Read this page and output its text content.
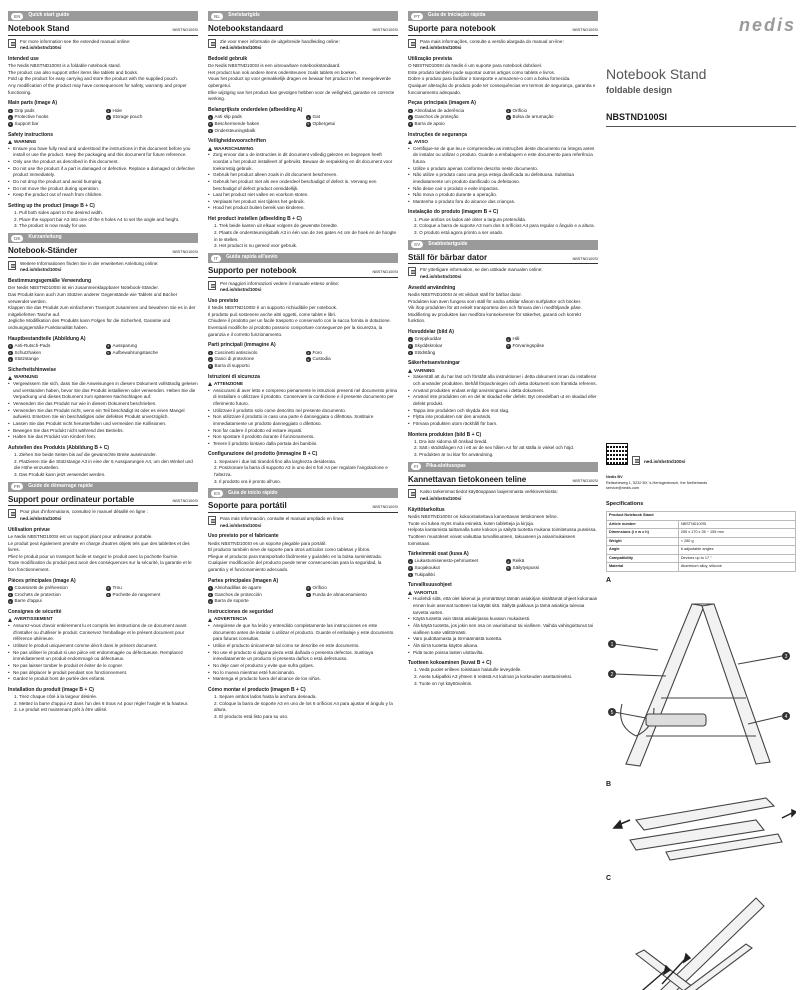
EN	Quick start guide
Notebook Stand	NBSTND100SI
For more information see the extended manual online:
ned.is/nbstnd100si
Intended use
The Nedis NBSTND100SI is a foldable notebook stand.
The product can also support other items like tablets and books.
Fold up the product for easy carrying and store the product with the supplied pouch.
Any modification of the product may have consequences for safety, warranty and proper functioning.
Main parts (image A)
1 Grip pads	4 Hole
2 Protective hooks	5 Storage pouch
3 Support bar
Safety instructions
WARNING
• Ensure you have fully read and understood the instructions in this document before you install or use the product. Keep the packaging and this document for future reference.
• Only use the product as described in this document.
• Do not use the product if a part is damaged or defective. Replace a damaged or defective product immediately.
• Do not drop the product and avoid bumping.
• Do not move the product during operation.
• Keep the product out of reach from children.
Setting up the product (image B + C)
1. Pull both sides apart to the desired width.
2. Place the support bar A3 into one of the 6 holes A4 to set the angle and height.
3. The product is now ready for use.
DE	Kurzanleitung
Notebook-Ständer	NBSTND100SI
Weitere Informationen finden Sie in der erweiterten Anleitung online:
ned.is/nbstnd100si
Bestimmungsgemäße Verwendung
Der Nedis NBSTND100SI ist ein zusammenklappbarer Notebook-Ständer.
Das Produkt kann auch zum Stützen anderer Gegenstände wie Tablets und Bücher verwendet werden.
Klappen Sie das Produkt zum einfacheren Transport zusammen und bewahren Sie es in der mitgelieferten Tasche auf.
Jegliche Modifikation des Produkts kann Folgen für die Sicherheit, Garantie und ordnungsgemäße Funktionalität haben.
Hauptbestandteile (Abbildung A)
1 Anti-Rutsch-Pads	4 Aussparung
2 Schutzhaken	5 Aufbewahrungstasche
3 Stützstange
Sicherheitshinweise
WARNUNG
• Vergewissern Sie sich, dass Sie die Anweisungen in diesem Dokument vollständig gelesen und verstanden haben, bevor Sie das Produkt installieren oder verwenden. Heben Sie die Verpackung und dieses Dokument zum späteren Nachschlagen auf.
• Verwenden Sie das Produkt nur wie in diesem Dokument beschrieben.
• Verwenden Sie das Produkt nicht, wenn ein Teil beschädigt ist oder es einen Mangel aufweist. Ersetzen Sie ein beschädigtes oder defektes Produkt unverzüglich.
• Lassen Sie das Produkt nicht herunterfallen und vermeiden Sie Kollisionen.
• Bewegen Sie das Produkt nicht während des Betriebs.
• Halten Sie das Produkt von Kindern fern.
Aufstellen des Produkts (Abbildung B + C)
1. Ziehen Sie beide Seiten bis auf die gewünschte Breite auseinander.
2. Platzieren Sie die Stützstange A3 in eine der 6 Aussparungen A4, um den Winkel und die Höhe einzustellen.
3. Das Produkt kann jetzt verwendet werden.
FR	Guide de démarrage rapide
Support pour ordinateur portable	NBSTND100SI
Pour plus d'informations, consultez le manuel détaillé en ligne :
ned.is/nbstnd100si
Utilisation prévue
Le Nedis NBSTND100SI est un support pliant pour ordinateur portable.
Le produit peut également prendre en charge d'autres objets tels que des tablettes et des livres.
Pliez le produit pour un transport facile et rangez le produit avec la pochette fournie.
Toute modification du produit peut avoir des conséquences sur la sécurité, la garantie et le bon fonctionnement.
Pièces principales (image A)
1 Coussinets de préhension	4 Trou
2 Crochets de protection	5 Pochette de rangement
3 Barre d'appui
Consignes de sécurité
AVERTISSEMENT
• Assurez-vous d'avoir entièrement lu et compris les instructions de ce document avant d'installer ou d'utiliser le produit. Conservez l'emballage et le présent document pour référence ultérieure.
• Utilisez le produit uniquement comme décrit dans le présent document.
• Ne pas utiliser le produit si une pièce est endommagée ou défectueuse. Remplacez immédiatement un produit endommagé ou défectueux.
• Ne pas laisser tomber le produit et éviter de le cogner.
• Ne pas déplacer le produit pendant son fonctionnement.
• Gardez le produit hors de portée des enfants.
Installation du produit (image B + C)
1. Tirez chaque côté à la largeur désirée.
2. Mettez la barre d'appui A3 dans l'un des 6 trous A4 pour régler l'angle et la hauteur.
3. Le produit est maintenant prêt à être utilisé.
NL	Snelstartgids
Notebookstandaard	NBSTND100SI
Zie voor meer informatie de uitgebreide handleiding online:
ned.is/nbstnd100si
Bedoeld gebruik
De Nedis NBSTND100SI is een uitvouwbare notebookstandaard.
Het product kan ook andere items ondersteunen zoals tablets en boeken.
Vouw het product op voor gemakkelijk dragen en bewaar het product in het meegeleverde opbergetui.
Elke wijziging van het product kan gevolgen hebben voor de veiligheid, garantie en correcte werking.
Belangrijkste onderdelen (afbeelding A)
1 Anti slip pads	4 Gat
2 Beschermende haken	5 Opbergetui
3 Ondersteuningsbalk
Veiligheidsvoorschriften
WAARSCHUWING
• Zorg ervoor dat u de instructies in dit document volledig gelezen en begrepen heeft voordat u het product installeert of gebruikt. Bewaar de verpakking en dit document voor toekomstig gebruik.
• Gebruik het product alleen zoals in dit document beschreven.
• Gebruik het product niet als een onderdeel beschadigd of defect is. Vervang een beschadigd of defect product onmiddellijk.
• Laat het product niet vallen en voorkom stoten.
• Verplaats het product niet tijdens het gebruik.
• Houd het product buiten bereik van kinderen.
Het product instellen (afbeelding B + C)
1. Trek beide kanten uit elkaar volgens de gewenste breedte.
2. Plaats de ondersteuningsbalk A3 in één van de zes gaten A4 om de hoek en de hoogte in te stellen.
3. Het product is nu gereed voor gebruik.
IT	Guida rapida all'avvio
Supporto per notebook	NBSTND100SI
Per maggiori informazioni vedere il manuale esteso online:
ned.is/nbstnd100si
Uso previsto
Il Nedis NBSTND100SI è un supporto richiudibile per notebook.
Il prodotto può sostenere anche altri oggetti, come tablet e libri.
Chiudere il prodotto per un facile trasporto e conservarlo con la sacca fornita in dotazione.
Eventuali modifiche al prodotto possono comportare conseguenze per la sicurezza, la garanzia e il corretto funzionamento.
Parti principali (immagine A)
1 Cuscinetti antiscivolo	4 Foro
2 Ganci di protezione	5 Custodia
3 Barra di supporto
Istruzioni di sicurezza
ATTENZIONE
• Assicurarsi di aver letto e compreso pienamente le istruzioni presenti nel documento prima di installare o utilizzare il prodotto. Conservare la confezione e il presente documento per riferimento futuro.
• Utilizzare il prodotto solo come descritto nel presente documento.
• Non utilizzare il prodotto in caso una parte è danneggiata o difettosa. Sostituire immediatamente un prodotto danneggiato o difettoso.
• Non far cadere il prodotto ed evitare impatti.
• Non spostare il prodotto durante il funzionamento.
• Tenere il prodotto lontano dalla portata dei bambini.
Configurazione del prodotto (immagine B + C)
1. Separare i due lati tirandoli fino alla larghezza desiderata.
2. Posizionare la barra di supporto A3 in uno dei 6 fori A4 per regolare l'angolazione e l'altezza.
3. Il prodotto ora è pronto all'uso.
ES	Guía de inicio rápido
Soporte para portátil	NBSTND100SI
Para más información, consulte el manual ampliado en línea:
ned.is/nbstnd100si
Uso previsto por el fabricante
Nedis NBSTND100SI es un soporte plegable para portátil.
El producto también sirve de soporte para otros artículos como tabletas y libros.
Pliegue el producto para transportarlo fácilmente y guárdelo en la bolsa suministrada.
Cualquier modificación del producto puede tener consecuencias para la seguridad, la garantía y el funcionamiento adecuado.
Partes principales (imagen A)
1 Almohadillas de agarre	4 Orificio
2 Ganchos de protección	5 Funda de almacenamiento
3 Barra de soporte
Instrucciones de seguridad
ADVERTENCIA
• Asegúrese de que ha leído y entendido completamente las instrucciones en este documento antes de instalar o utilizar el producto. Guarde el embalaje y este documento para futuras consultas.
• Utilice el producto únicamente tal como se describe en este documento.
• No use el producto si alguna pieza está dañada o presenta defectos. Sustituya inmediatamente un producto si presenta daños o está defectuoso.
• No deje caer el producto y evite que sufra golpes.
• No lo mueva mientras esté funcionando.
• Mantenga el producto fuera del alcance de los niños.
Cómo montar el producto (imagen B + C)
1. Separe ambos lados hasta la anchura deseada.
2. Coloque la barra de soporte A3 en uno de los 6 orificios A4 para ajustar el ángulo y la altura.
3. El producto está listo para su uso.
PT	Guia de iniciação rápida
Suporte para notebook	NBSTND100SI
Para mais informações, consulte a versão alargada do manual on-line:
ned.is/nbstnd100si
Utilização prevista
O NBSTND100SI da Nedis é um suporte para notebook dobrável.
Este produto também pode suportar outros artigos como tablets e livros.
Dobre o produto para facilitar o transporte e armazene-o com a bolsa fornecida.
Qualquer alteração do produto pode ter consequências em termos de segurança, garantia e funcionamento adequado.
Peças principais (imagem A)
1 Almofadas de aderência	4 Orifício
2 Ganchos de proteção	5 Bolsa de arrumação
3 Barra de apoio
Instruções de segurança
AVISO
• Certifique-se de que leu e compreendeu as instruções deste documento na íntegra antes de instalar ou utilizar o produto. Guarde a embalagem e este documento para referência futura.
• Utilize o produto apenas conforme descrito neste documento.
• Não utilize o produto caso uma peça esteja danificada ou defeituosa. Substitua imediatamente um produto danificado ou defeituoso.
• Não deixe cair o produto e evite impactos.
• Não mova o produto durante a operação.
• Mantenha o produto fora do alcance das crianças.
Instalação do produto (imagem B + C)
1. Puxe ambos os lados até obter a largura pretendida.
2. Coloque a barra de suporte A3 num dos 6 orifícios A4 para regular o ângulo e a altura.
3. O produto está agora pronto a ser usado.
SV	Snabbstartguide
Ställ för bärbar dator	NBSTND100SI
För ytterligare information, se den utökade manualen online:
ned.is/nbstnd100si
Avsedd användning
Nedis NBSTND100SI är ett vikbart ställ för bärbar dator.
Produkten kan även fungera som ställ för andra artiklar såsom surfplattor och böcker.
Vik ihop produkten för att enkelt transportera den och förvara den i medföljande påse.
Modifiering av produkten kan medföra konsekvenser för säkerhet, garanti och korrekt funktion.
Huvuddelar (bild A)
1 Greppkuddar	4 Hål
2 Skyddskrokar	5 Förvaringspåse
3 Stödstång
Säkerhetsanvisningar
VARNING
• Säkerställ att du har läst och förstått alla instruktioner i detta dokument innan du installerar och använder produkten. Behåll förpackningen och detta dokument som framtida referens.
• Använd produkten endast enligt anvisningarna i detta dokument.
• Använd inte produkten om en del är skadad eller defekt. Byt omedelbart ut en skadad eller defekt produkt.
• Tappa inte produkten och skydda den mot slag.
• Flytta inte produkten när den används.
• Förvara produkten utom räckhåll för barn.
Montera produkten (bild B + C)
1. Dra isär sidorna till önskad bredd.
2. Sätt i stödstången A3 i ett av de sex hålen A4 för att ställa in vinkel och höjd.
3. Produkten är nu klar för användning.
FI	Pika-aloitusopas
Kannettavan tietokoneen teline	NBSTND100SI
Katso tarkemmat tiedot käyttöoppaan laajemmasta verkkoversiosta:
ned.is/nbstnd100si
Käyttötarkoitus
Nedis NBSTND100SI on kokoontaitettava kannettavan tietokoneen teline.
Tuote voi tukea myös muita esineitä, kuten tabletteja ja kirjoja.
Helpota kantamista taittamalla tuote kokoon ja säilytä tuotetta mukana toimitetussa pussissa.
Tuotteen muutokset voivat vaikuttaa turvallisuuteen, takuuseen ja asianmukaiseen toimintaan.
Tärkeimmät osat (kuva A)
1 Liukastumisenesto-pehmusteet	4 Reikä
2 Suojakoukut	5 Säilytyspussi
3 Tukipalkki
Turvallisuusohjeet
VAROITUS
• Huolehdi siitä, että olet lukenut ja ymmärtänyt tämän asiakirjan sisältämät ohjeet kokonaan ennen kuin asennat tuotteen tai käytät sitä. Säilytä pakkaus ja tämä asiakirja tulevaa tarvetta varten.
• Käytä tuotetta vain tässä asiakirjassa kuvatun mukaisesti.
• Älä käytä tuotetta, jos jokin sen osa on vaurioitunut tai viallinen. Vaihda vahingoittunut tai viallinen tuote välittömästi.
• Varo pudottamasta ja törmäämästä tuotetta.
• Älä siirrä tuotetta käytön aikana.
• Pidä tuote poissa lasten ulottuvilta.
Tuotteen kokoaminen (kuvat B + C)
1. Vedä puolet erilleen toisistaan halutulle leveydelle.
2. Aseta tukipalkki A3 yhteen 6 reiästä A4 kulman ja korkeuden asettamiseksi.
3. Tuote on nyt käyttövalmis.
nedis
Notebook Stand
foldable design
NBSTND100SI
ned.is/nbstnd100si
Nedis BV
Reitscheweg 1, 5232 BX 's-Hertogenbosch, the Netherlands
service@nedis.com
Specifications
Product Notebook Stand	
Article number	NBSTND100SI
Dimensions (l x w x h)	255 x 170 x 35 ~ 155 mm
Weight	< 280 g
Angle	6 adjustable angles
Compatibility	Devices up to 17 "
Material	Aluminium alloy, silicone
A
1
2
3
4
5
B
C
